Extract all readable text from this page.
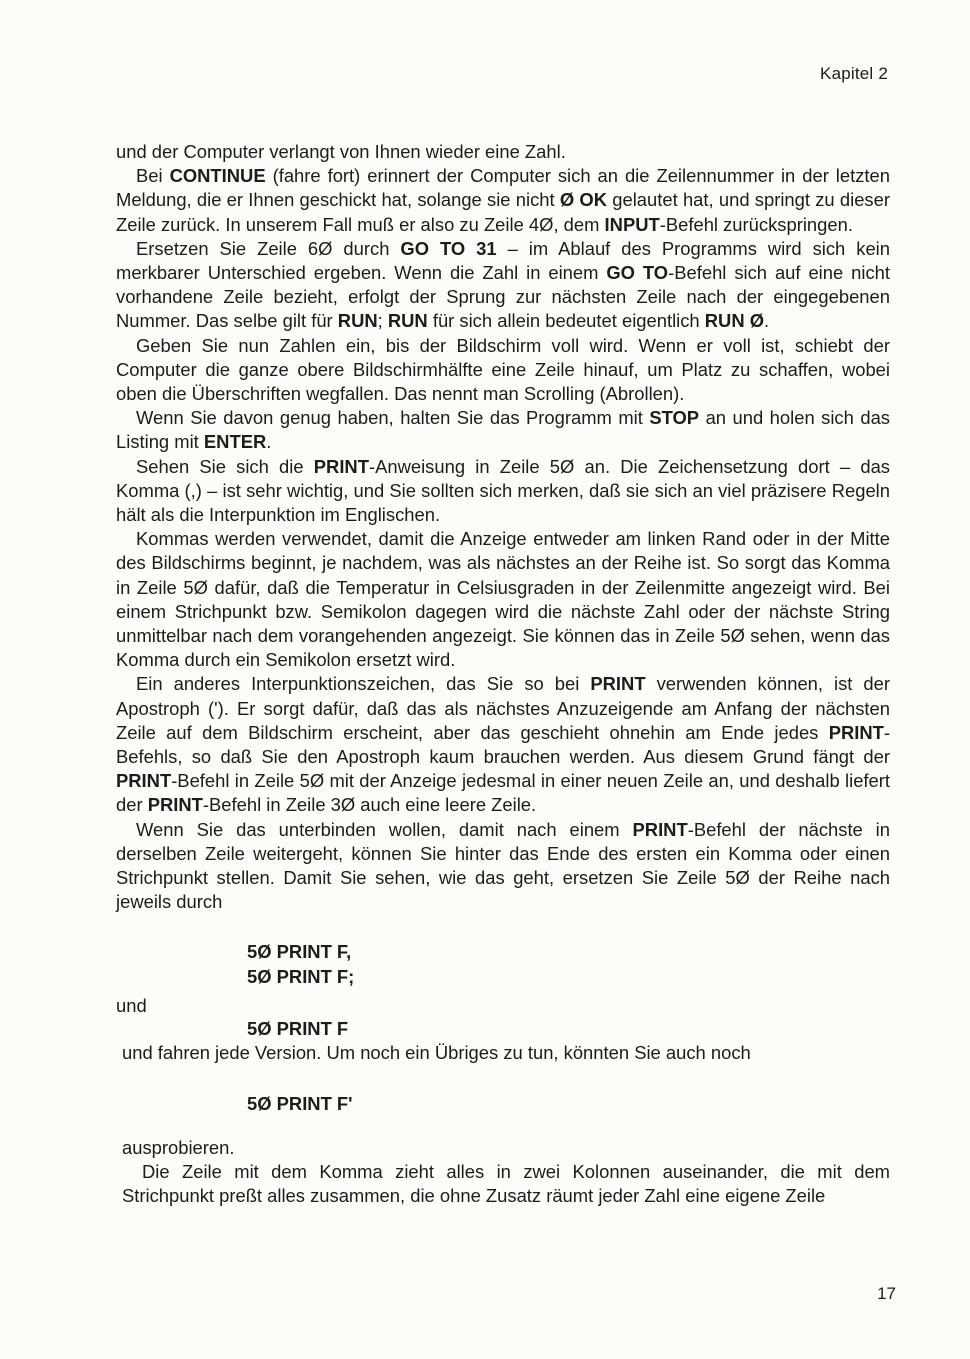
Kapitel 2

und der Computer verlangt von Ihnen wieder eine Zahl.

Bei CONTINUE (fahre fort) erinnert der Computer sich an die Zeilennummer in der letzten Meldung, die er Ihnen geschickt hat, solange sie nicht Ø OK gelautet hat, und springt zu dieser Zeile zurück. In unserem Fall muß er also zu Zeile 4Ø, dem INPUT-Befehl zurückspringen.

Ersetzen Sie Zeile 6Ø durch GO TO 31 – im Ablauf des Programms wird sich kein merkbarer Unterschied ergeben. Wenn die Zahl in einem GO TO-Befehl sich auf eine nicht vorhandene Zeile bezieht, erfolgt der Sprung zur nächsten Zeile nach der eingegebenen Nummer. Das selbe gilt für RUN; RUN für sich allein bedeutet eigentlich RUN Ø.

Geben Sie nun Zahlen ein, bis der Bildschirm voll wird. Wenn er voll ist, schiebt der Computer die ganze obere Bildschirmhälfte eine Zeile hinauf, um Platz zu schaffen, wobei oben die Überschriften wegfallen. Das nennt man Scrolling (Abrollen).

Wenn Sie davon genug haben, halten Sie das Programm mit STOP an und holen sich das Listing mit ENTER.

Sehen Sie sich die PRINT-Anweisung in Zeile 5Ø an. Die Zeichensetzung dort – das Komma (,) – ist sehr wichtig, und Sie sollten sich merken, daß sie sich an viel präzisere Regeln hält als die Interpunktion im Englischen.

Kommas werden verwendet, damit die Anzeige entweder am linken Rand oder in der Mitte des Bildschirms beginnt, je nachdem, was als nächstes an der Reihe ist. So sorgt das Komma in Zeile 5Ø dafür, daß die Temperatur in Celsiusgraden in der Zeilenmitte angezeigt wird. Bei einem Strichpunkt bzw. Semikolon dagegen wird die nächste Zahl oder der nächste String unmittelbar nach dem vorangehenden angezeigt. Sie können das in Zeile 5Ø sehen, wenn das Komma durch ein Semikolon ersetzt wird.

Ein anderes Interpunktionszeichen, das Sie so bei PRINT verwenden können, ist der Apostroph ('). Er sorgt dafür, daß das als nächstes Anzuzeigende am Anfang der nächsten Zeile auf dem Bildschirm erscheint, aber das geschieht ohnehin am Ende jedes PRINT-Befehls, so daß Sie den Apostroph kaum brauchen werden. Aus diesem Grund fängt der PRINT-Befehl in Zeile 5Ø mit der Anzeige jedesmal in einer neuen Zeile an, und deshalb liefert der PRINT-Befehl in Zeile 3Ø auch eine leere Zeile.

Wenn Sie das unterbinden wollen, damit nach einem PRINT-Befehl der nächste in derselben Zeile weitergeht, können Sie hinter das Ende des ersten ein Komma oder einen Strichpunkt stellen. Damit Sie sehen, wie das geht, ersetzen Sie Zeile 5Ø der Reihe nach jeweils durch

5Ø PRINT F,
5Ø PRINT F;
und
5Ø PRINT F

und fahren jede Version. Um noch ein Übriges zu tun, könnten Sie auch noch

5Ø PRINT F'

ausprobieren.

Die Zeile mit dem Komma zieht alles in zwei Kolonnen auseinander, die mit dem Strichpunkt preßt alles zusammen, die ohne Zusatz räumt jeder Zahl eine eigene Zeile

17
